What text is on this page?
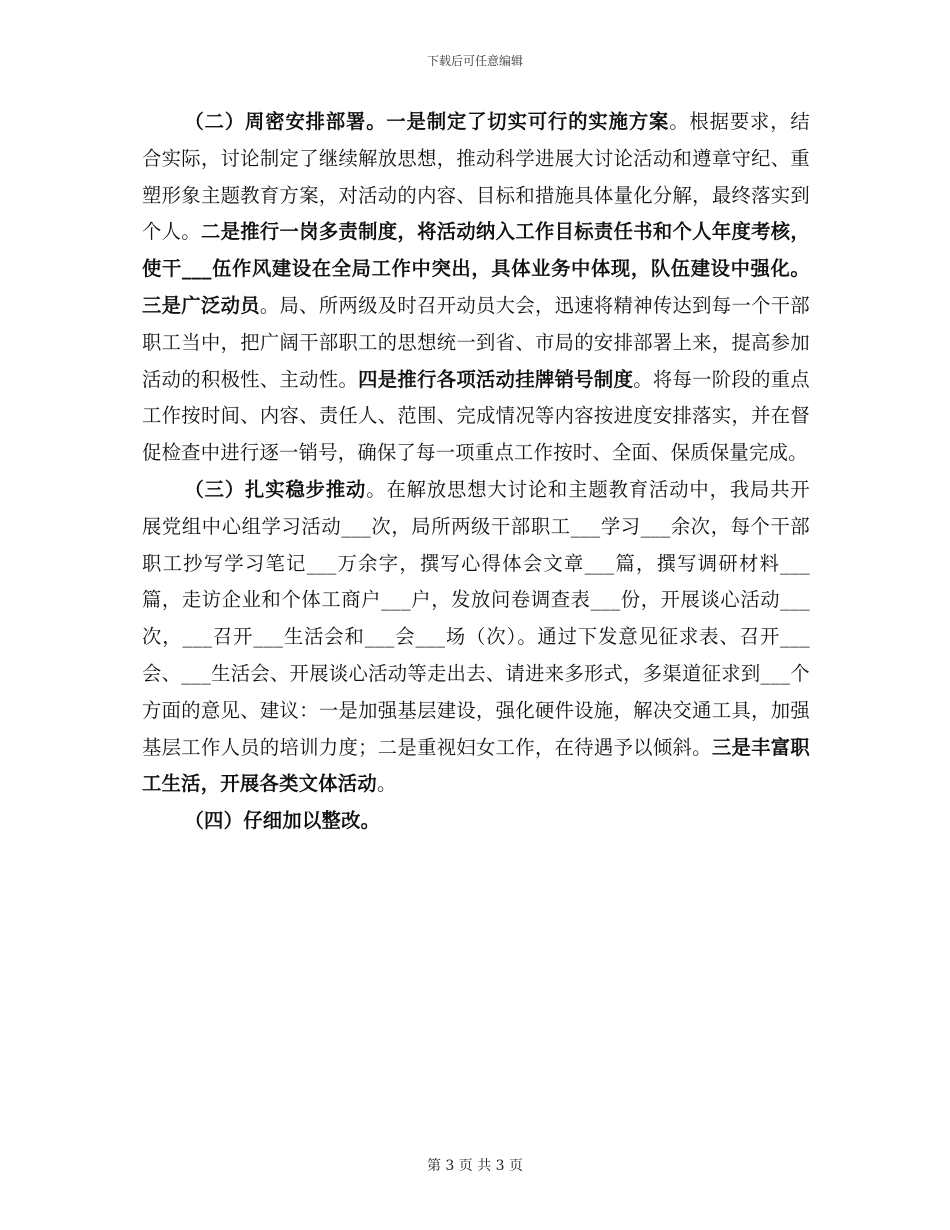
下载后可任意编辑

（二）周密安排部署。一是制定了切实可行的实施方案。根据要求，结合实际，讨论制定了继续解放思想，推动科学进展大讨论活动和遵章守纪、重塑形象主题教育方案，对活动的内容、目标和措施具体量化分解，最终落实到个人。二是推行一岗多责制度，将活动纳入工作目标责任书和个人年度考核，使干___伍作风建设在全局工作中突出，具体业务中体现，队伍建设中强化。三是广泛动员。局、所两级及时召开动员大会，迅速将精神传达到每一个干部职工当中，把广阔干部职工的思想统一到省、市局的安排部署上来，提高参加活动的积极性、主动性。四是推行各项活动挂牌销号制度。将每一阶段的重点工作按时间、内容、责任人、范围、完成情况等内容按进度安排落实，并在督促检查中进行逐一销号，确保了每一项重点工作按时、全面、保质保量完成。

（三）扎实稳步推动。在解放思想大讨论和主题教育活动中，我局共开展党组中心组学习活动___次，局所两级干部职工___学习___余次，每个干部职工抄写学习笔记___万余字，撰写心得体会文章___篇，撰写调研材料___篇，走访企业和个体工商户___户，发放问卷调查表___份，开展谈心活动___次，___召开___生活会和___会___场（次）。通过下发意见征求表、召开___会、___生活会、开展谈心活动等走出去、请进来多形式，多渠道征求到___个方面的意见、建议：一是加强基层建设，强化硬件设施，解决交通工具，加强基层工作人员的培训力度；二是重视妇女工作，在待遇予以倾斜。三是丰富职工生活，开展各类文体活动。

（四）仔细加以整改。

第 3 页 共 3 页
